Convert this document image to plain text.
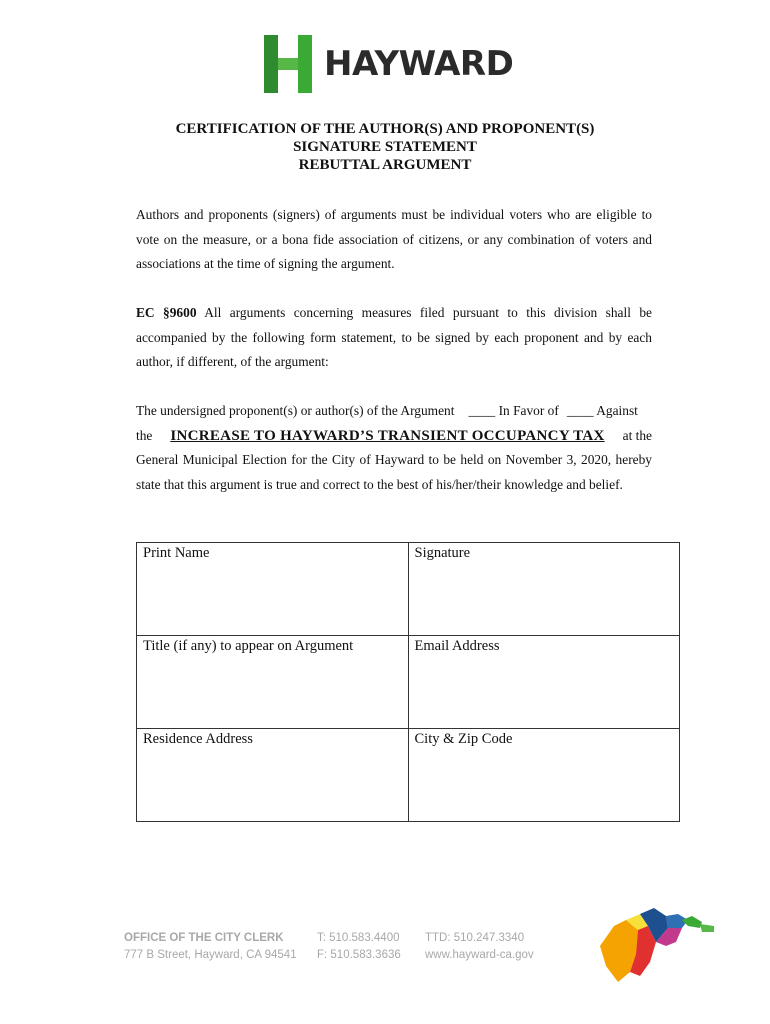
HAYWARD
CERTIFICATION OF THE AUTHOR(S) AND PROPONENT(S)
SIGNATURE STATEMENT
REBUTTAL ARGUMENT
Authors and proponents (signers) of arguments must be individual voters who are eligible to vote on the measure, or a bona fide association of citizens, or any combination of voters and associations at the time of signing the argument.
EC §9600 All arguments concerning measures filed pursuant to this division shall be accompanied by the following form statement, to be signed by each proponent and by each author, if different, of the argument:
The undersigned proponent(s) or author(s) of the Argument ____ In Favor of ____ Against
the INCREASE TO HAYWARD’S TRANSIENT OCCUPANCY TAX at the
General Municipal Election for the City of Hayward to be held on November 3, 2020, hereby state that this argument is true and correct to the best of his/her/their knowledge and belief.
Print Name	Signature
Title (if any) to appear on Argument	Email Address
Residence Address	City & Zip Code
OFFICE OF THE CITY CLERK
777 B Street, Hayward, CA 94541
T: 510.583.4400
F: 510.583.3636
TTD: 510.247.3340
www.hayward-ca.gov
